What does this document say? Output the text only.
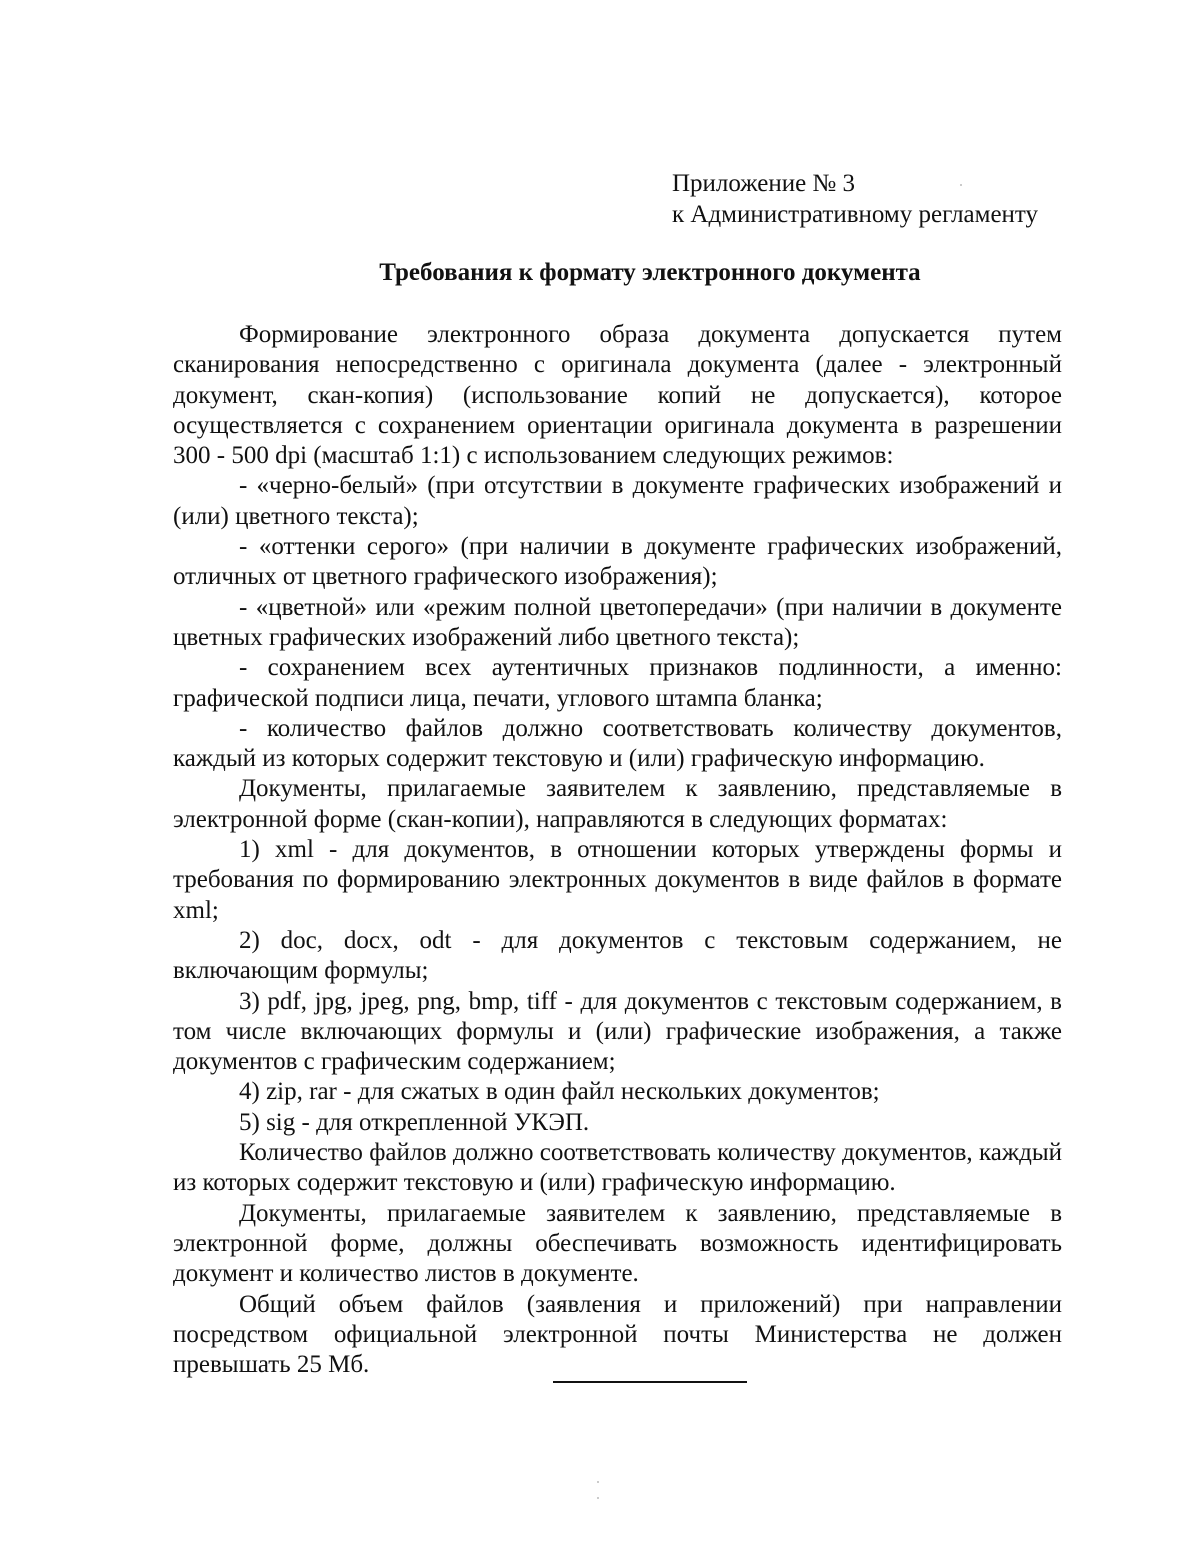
Приложение № 3
к Административному регламенту
Требования к формату электронного документа

Формирование электронного образа документа допускается путем сканирования непосредственно с оригинала документа (далее - электронный документ, скан-копия) (использование копий не допускается), которое осуществляется с сохранением ориентации оригинала документа в разрешении 300 - 500 dpi (масштаб 1:1) с использованием следующих режимов:

- «черно-белый» (при отсутствии в документе графических изображений и (или) цветного текста);

- «оттенки серого» (при наличии в документе графических изображений, отличных от цветного графического изображения);

- «цветной» или «режим полной цветопередачи» (при наличии в документе цветных графических изображений либо цветного текста);

- сохранением всех аутентичных признаков подлинности, а именно: графической подписи лица, печати, углового штампа бланка;

- количество файлов должно соответствовать количеству документов, каждый из которых содержит текстовую и (или) графическую информацию.

Документы, прилагаемые заявителем к заявлению, представляемые в электронной форме (скан-копии), направляются в следующих форматах:

1) xml - для документов, в отношении которых утверждены формы и требования по формированию электронных документов в виде файлов в формате xml;

2) doc, docx, odt - для документов с текстовым содержанием, не включающим формулы;

3) pdf, jpg, jpeg, png, bmp, tiff - для документов с текстовым содержанием, в том числе включающих формулы и (или) графические изображения, а также документов с графическим содержанием;

4) zip, rar - для сжатых в один файл нескольких документов;

5) sig - для открепленной УКЭП.

Количество файлов должно соответствовать количеству документов, каждый из которых содержит текстовую и (или) графическую информацию.

Документы, прилагаемые заявителем к заявлению, представляемые в электронной форме, должны обеспечивать возможность идентифицировать документ и количество листов в документе.

Общий объем файлов (заявления и приложений) при направлении посредством официальной электронной почты Министерства не должен превышать 25 Мб.
